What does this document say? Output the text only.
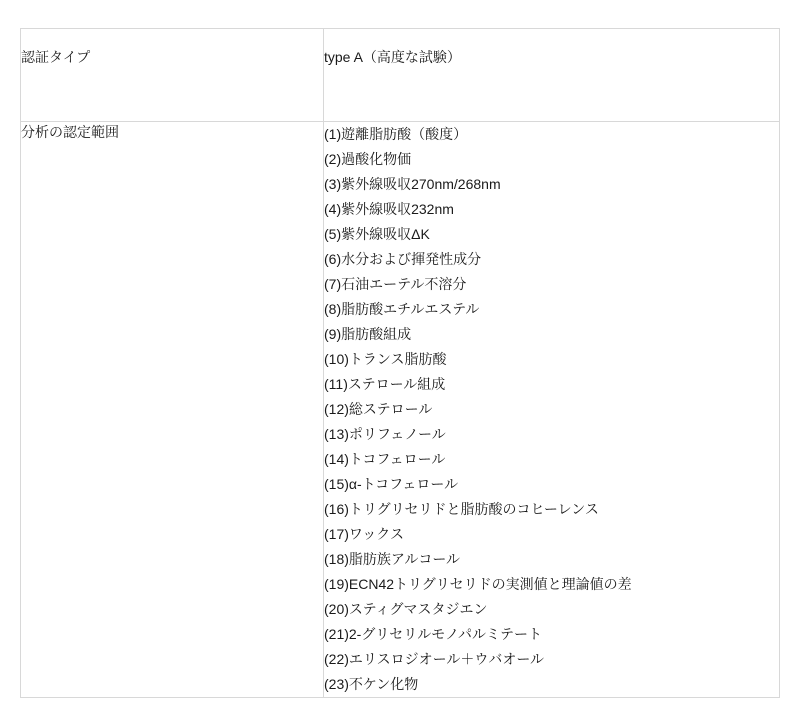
認証タイプ	type A（高度な試験）
分析の認定範囲	(1)遊離脂肪酸（酸度）
(2)過酸化物価
(3)紫外線吸収270nm/268nm
(4)紫外線吸収232nm
(5)紫外線吸収ΔK
(6)水分および揮発性成分
(7)石油エーテル不溶分
(8)脂肪酸エチルエステル
(9)脂肪酸組成
(10)トランス脂肪酸
(11)ステロール組成
(12)総ステロール
(13)ポリフェノール
(14)トコフェロール
(15)α-トコフェロール
(16)トリグリセリドと脂肪酸のコヒーレンス
(17)ワックス
(18)脂肪族アルコール
(19)ECN42トリグリセリドの実測値と理論値の差
(20)スティグマスタジエン
(21)2-グリセリルモノパルミテート
(22)エリスロジオール＋ウバオール
(23)不ケン化物
